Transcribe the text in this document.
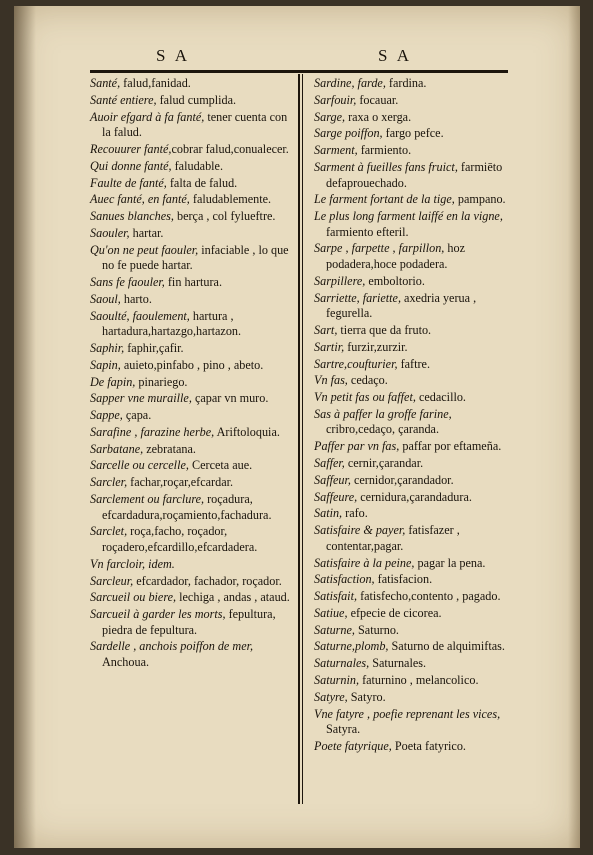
S A	S A
Santé, falud,fanidad.
Santé entiere, falud cumplida.
Auoir efgard à fa fanté, tener cuenta con la falud.
Recouurer fanté,cobrar falud,conualecer.
Qui donne fanté, faludable.
Faulte de fanté, falta de falud.
Auec fanté, en fanté, faludablemente.
Sanues blanches, berça , col fylueftre.
Saouler, hartar.
Qu'on ne peut faouler, infaciable , lo que no fe puede hartar.
Sans fe faouler, fin hartura.
Saoul, harto.
Saoulté, faoulement, hartura , hartadura,hartazgo,hartazon.
Saphir, faphir,çafir.
Sapin, auieto,pinfabo , pino , abeto.
De fapin, pinariego.
Sapper vne muraille, çapar vn muro.
Sappe, çapa.
Sarafine , farazine herbe, Ariftoloquia.
Sarbatane, zebratana.
Sarcelle ou cercelle, Cerceta aue.
Sarcler, fachar,roçar,efcardar.
Sarclement ou farclure, roçadura, efcardadura,roçamiento,fachadura.
Sarclet, roça,facho, roçador, roçadero,efcardillo,efcardadera.
Vn farcloir, idem.
Sarcleur, efcardador, fachador, roçador.
Sarcueil ou biere, lechiga , andas , ataud.
Sarcueil à garder les morts, fepultura, piedra de fepultura.
Sardelle , anchois poiffon de mer, Anchoua.
Sardine, farde, fardina.
Sarfouir, focauar.
Sarge, raxa o xerga.
Sarge poiffon, fargo pefce.
Sarment, farmiento.
Sarment à fueilles fans fruict, farmiēto defaprouechado.
Le farment fortant de la tige, pampano.
Le plus long farment laiffé en la vigne, farmiento efteril.
Sarpe , farpette , farpillon, hoz podadera,hoce podadera.
Sarpillere, emboltorio.
Sarriette, fariette, axedria yerua , fegurella.
Sart, tierra que da fruto.
Sartir, furzir,zurzir.
Sartre,coufturier, faftre.
Vn fas, cedaço.
Vn petit fas ou faffet, cedacillo.
Sas à paffer la groffe farine, cribro,cedaço, çaranda.
Paffer par vn fas, paffar por eftameña.
Saffer, cernir,çarandar.
Saffeur, cernidor,çarandador.
Saffeure, cernidura,çarandadura.
Satin, rafo.
Satisfaire & payer, fatisfazer , contentar,pagar.
Satisfaire à la peine, pagar la pena.
Satisfaction, fatisfacion.
Satisfait, fatisfecho,contento , pagado.
Satiue, efpecie de cicorea.
Saturne, Saturno.
Saturne,plomb, Saturno de alquimiftas.
Saturnales, Saturnales.
Saturnin, faturnino , melancolico.
Satyre, Satyro.
Vne fatyre , poefie reprenant les vices, Satyra.
Poete fatyrique, Poeta fatyrico.
